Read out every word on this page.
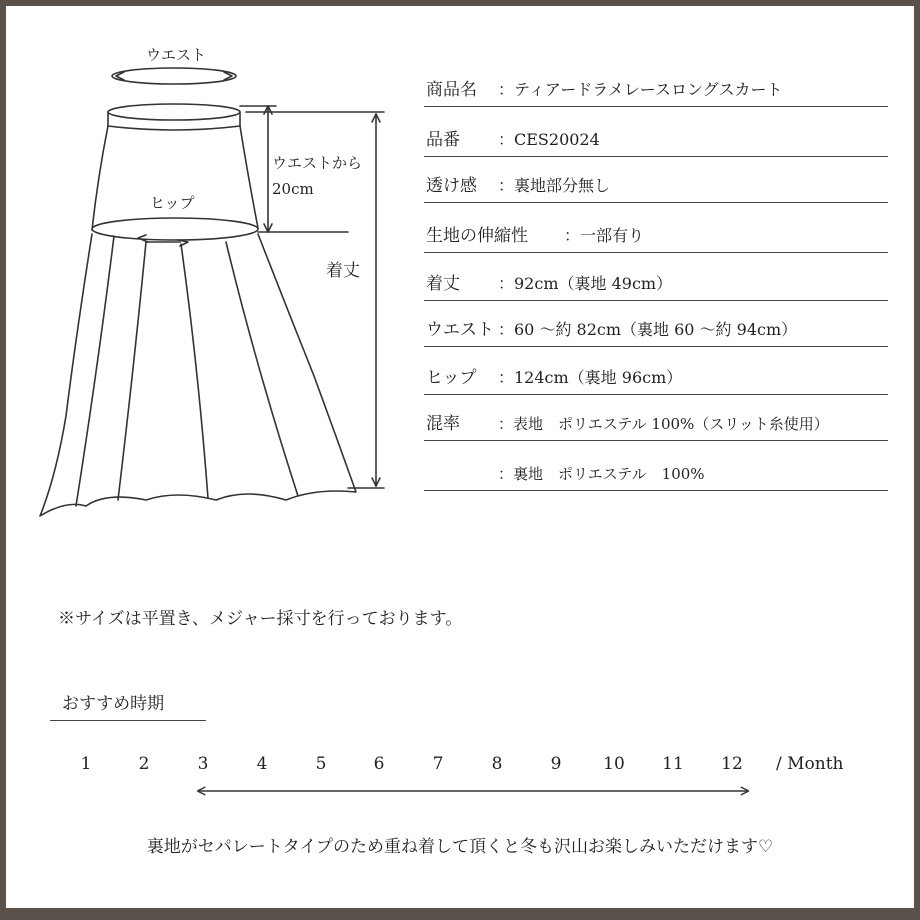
ウエスト
ウエストから
20cm
ヒップ
着丈
商品名 ：ティアードラメレースロングスカート
品番 ：CES20024
透け感 ：裏地部分無し
生地の伸縮性 ：一部有り
着丈 ：92cm（裏地 49cm）
ウエスト ：60 〜約 82cm（裏地 60 〜約 94cm）
ヒップ ：124cm（裏地 96cm）
混率	：表地　ポリエステル 100%（スリット糸使用）
：裏地　ポリエステル　100%
※サイズは平置き、メジャー採寸を行っております。
おすすめ時期
1	2	3	4	5	6	7	8	9 10 11 12 / Month
裏地がセパレートタイプのため重ね着して頂くと冬も沢山お楽しみいただけます♡
